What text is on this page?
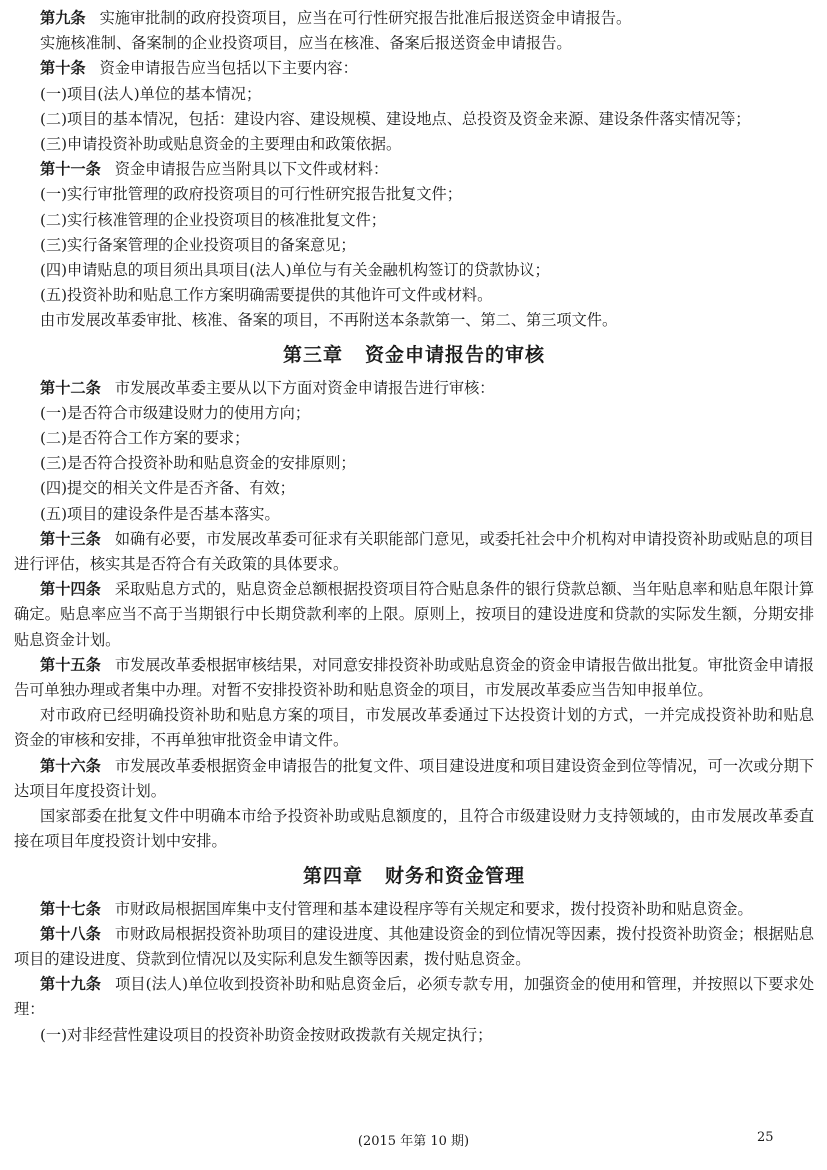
第九条 实施审批制的政府投资项目，应当在可行性研究报告批准后报送资金申请报告。

实施核准制、备案制的企业投资项目，应当在核准、备案后报送资金申请报告。

第十条 资金申请报告应当包括以下主要内容：

(一)项目(法人)单位的基本情况；

(二)项目的基本情况，包括：建设内容、建设规模、建设地点、总投资及资金来源、建设条件落实情况等；

(三)申请投资补助或贴息资金的主要理由和政策依据。

第十一条 资金申请报告应当附具以下文件或材料：

(一)实行审批管理的政府投资项目的可行性研究报告批复文件；

(二)实行核准管理的企业投资项目的核准批复文件；

(三)实行备案管理的企业投资项目的备案意见；

(四)申请贴息的项目须出具项目(法人)单位与有关金融机构签订的贷款协议；

(五)投资补助和贴息工作方案明确需要提供的其他许可文件或材料。

由市发展改革委审批、核准、备案的项目，不再附送本条款第一、第二、第三项文件。

第三章 资金申请报告的审核

第十二条 市发展改革委主要从以下方面对资金申请报告进行审核：

(一)是否符合市级建设财力的使用方向；

(二)是否符合工作方案的要求；

(三)是否符合投资补助和贴息资金的安排原则；

(四)提交的相关文件是否齐备、有效；

(五)项目的建设条件是否基本落实。

第十三条 如确有必要，市发展改革委可征求有关职能部门意见，或委托社会中介机构对申请投资补助或贴息的项目进行评估，核实其是否符合有关政策的具体要求。

第十四条 采取贴息方式的，贴息资金总额根据投资项目符合贴息条件的银行贷款总额、当年贴息率和贴息年限计算确定。贴息率应当不高于当期银行中长期贷款利率的上限。原则上，按项目的建设进度和贷款的实际发生额，分期安排贴息资金计划。

第十五条 市发展改革委根据审核结果，对同意安排投资补助或贴息资金的资金申请报告做出批复。审批资金申请报告可单独办理或者集中办理。对暂不安排投资补助和贴息资金的项目，市发展改革委应当告知申报单位。

对市政府已经明确投资补助和贴息方案的项目，市发展改革委通过下达投资计划的方式，一并完成投资补助和贴息资金的审核和安排，不再单独审批资金申请文件。

第十六条 市发展改革委根据资金申请报告的批复文件、项目建设进度和项目建设资金到位等情况，可一次或分期下达项目年度投资计划。

国家部委在批复文件中明确本市给予投资补助或贴息额度的，且符合市级建设财力支持领域的，由市发展改革委直接在项目年度投资计划中安排。

第四章 财务和资金管理

第十七条 市财政局根据国库集中支付管理和基本建设程序等有关规定和要求，拨付投资补助和贴息资金。

第十八条 市财政局根据投资补助项目的建设进度、其他建设资金的到位情况等因素，拨付投资补助资金；根据贴息项目的建设进度、贷款到位情况以及实际利息发生额等因素，拨付贴息资金。

第十九条 项目(法人)单位收到投资补助和贴息资金后，必须专款专用，加强资金的使用和管理，并按照以下要求处理：

(一)对非经营性建设项目的投资补助资金按财政拨款有关规定执行；

(2015 年第 10 期)	25
